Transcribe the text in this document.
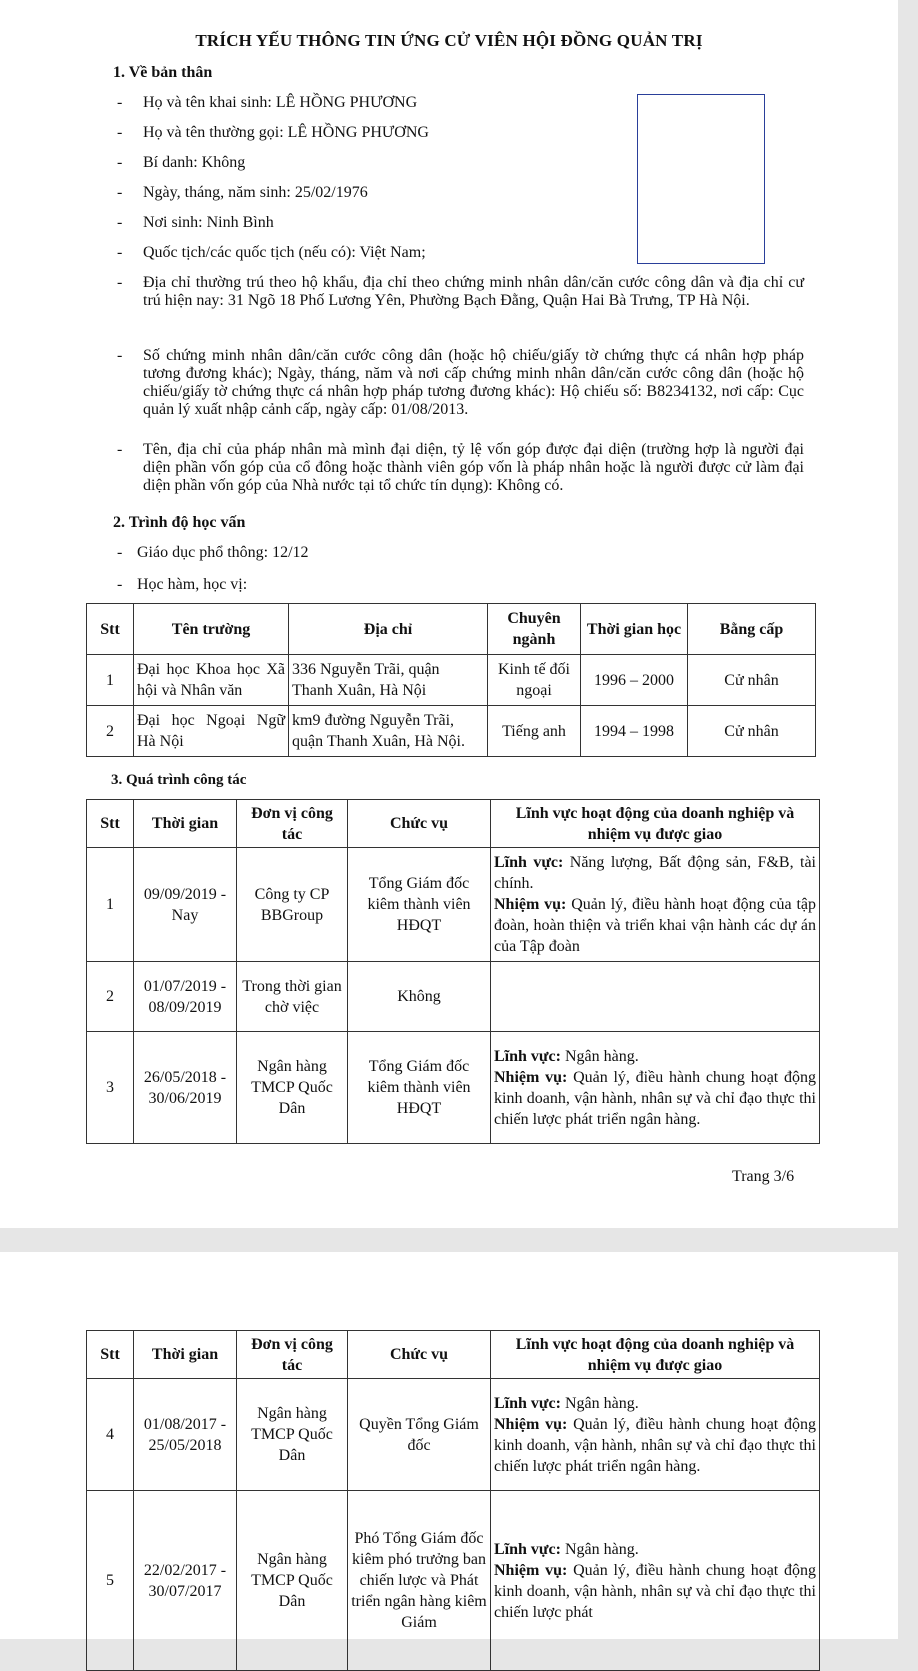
TRÍCH YẾU THÔNG TIN ỨNG CỬ VIÊN HỘI ĐỒNG QUẢN TRỊ
1. Về bản thân
- Họ và tên khai sinh: LÊ HỒNG PHƯƠNG
- Họ và tên thường gọi: LÊ HỒNG PHƯƠNG
- Bí danh: Không
- Ngày, tháng, năm sinh: 25/02/1976
- Nơi sinh: Ninh Bình
- Quốc tịch/các quốc tịch (nếu có): Việt Nam;
- Địa chỉ thường trú theo hộ khẩu, địa chỉ theo chứng minh nhân dân/căn cước công dân và địa chỉ cư trú hiện nay: 31 Ngõ 18 Phố Lương Yên, Phường Bạch Đằng, Quận Hai Bà Trưng, TP Hà Nội.
- Số chứng minh nhân dân/căn cước công dân (hoặc hộ chiếu/giấy tờ chứng thực cá nhân hợp pháp tương đương khác); Ngày, tháng, năm và nơi cấp chứng minh nhân dân/căn cước công dân (hoặc hộ chiếu/giấy tờ chứng thực cá nhân hợp pháp tương đương khác): Hộ chiếu số: B8234132, nơi cấp: Cục quản lý xuất nhập cảnh cấp, ngày cấp: 01/08/2013.
- Tên, địa chỉ của pháp nhân mà mình đại diện, tỷ lệ vốn góp được đại diện (trường hợp là người đại diện phần vốn góp của cổ đông hoặc thành viên góp vốn là pháp nhân hoặc là người được cử làm đại diện phần vốn góp của Nhà nước tại tổ chức tín dụng): Không có.
2. Trình độ học vấn
- Giáo dục phổ thông: 12/12
- Học hàm, học vị:
Stt	Tên trường	Địa chỉ	Chuyên ngành	Thời gian học	Bằng cấp
1	Đại học Khoa học Xã hội và Nhân văn	336 Nguyễn Trãi, quận Thanh Xuân, Hà Nội	Kinh tế đối ngoại	1996 – 2000	Cử nhân
2	Đại học Ngoại Ngữ Hà Nội	km9 đường Nguyễn Trãi, quận Thanh Xuân, Hà Nội.	Tiếng anh	1994 – 1998	Cử nhân
3. Quá trình công tác
Stt	Thời gian	Đơn vị công tác	Chức vụ	Lĩnh vực hoạt động của doanh nghiệp và nhiệm vụ được giao
1	09/09/2019 - Nay	Công ty CP BBGroup	Tổng Giám đốc kiêm thành viên HĐQT	Lĩnh vực: Năng lượng, Bất động sản, F&B, tài chính.
Nhiệm vụ: Quản lý, điều hành hoạt động của tập đoàn, hoàn thiện và triển khai vận hành các dự án của Tập đoàn
2	01/07/2019 - 08/09/2019	Trong thời gian chờ việc	Không	
3	26/05/2018 - 30/06/2019	Ngân hàng TMCP Quốc Dân	Tổng Giám đốc kiêm thành viên HĐQT	Lĩnh vực: Ngân hàng.
Nhiệm vụ: Quản lý, điều hành chung hoạt động kinh doanh, vận hành, nhân sự và chỉ đạo thực thi chiến lược phát triển ngân hàng.
Trang 3/6
Stt	Thời gian	Đơn vị công tác	Chức vụ	Lĩnh vực hoạt động của doanh nghiệp và nhiệm vụ được giao
4	01/08/2017 - 25/05/2018	Ngân hàng TMCP Quốc Dân	Quyền Tổng Giám đốc	Lĩnh vực: Ngân hàng.
Nhiệm vụ: Quản lý, điều hành chung hoạt động kinh doanh, vận hành, nhân sự và chỉ đạo thực thi chiến lược phát triển ngân hàng.
5	22/02/2017 - 30/07/2017	Ngân hàng TMCP Quốc Dân	Phó Tổng Giám đốc kiêm phó trưởng ban chiến lược và Phát triển ngân hàng kiêm Giám	Lĩnh vực: Ngân hàng.
Nhiệm vụ: Quản lý, điều hành chung hoạt động kinh doanh, vận hành, nhân sự và chỉ đạo thực thi chiến lược phát
